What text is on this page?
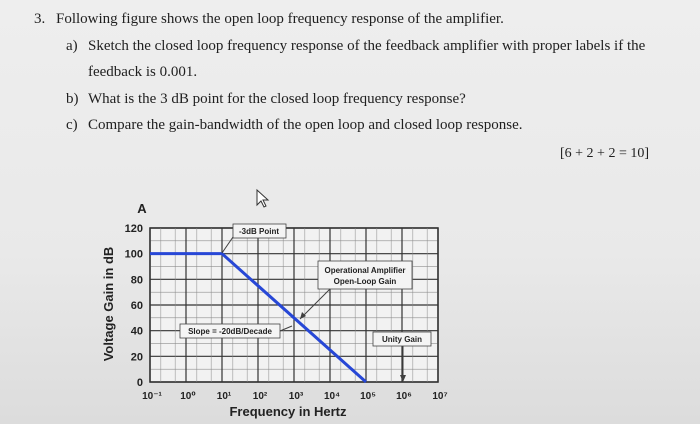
3. Following figure shows the open loop frequency response of the amplifier.
a) Sketch the closed loop frequency response of the feedback amplifier with proper labels if the
feedback is 0.001.
b) What is the 3 dB point for the closed loop frequency response?
c) Compare the gain-bandwidth of the open loop and closed loop response.
[6 + 2 + 2 = 10]
0
20
40
60
80
100
120
10⁻¹ 10⁰ 10¹ 10² 10³ 10⁴ 10⁵ 10⁶ 10⁷
A
Voltage Gain in dB
Frequency in Hertz
-3dB Point
Operational Amplifier
Open-Loop Gain
Slope = -20dB/Decade
Unity Gain
